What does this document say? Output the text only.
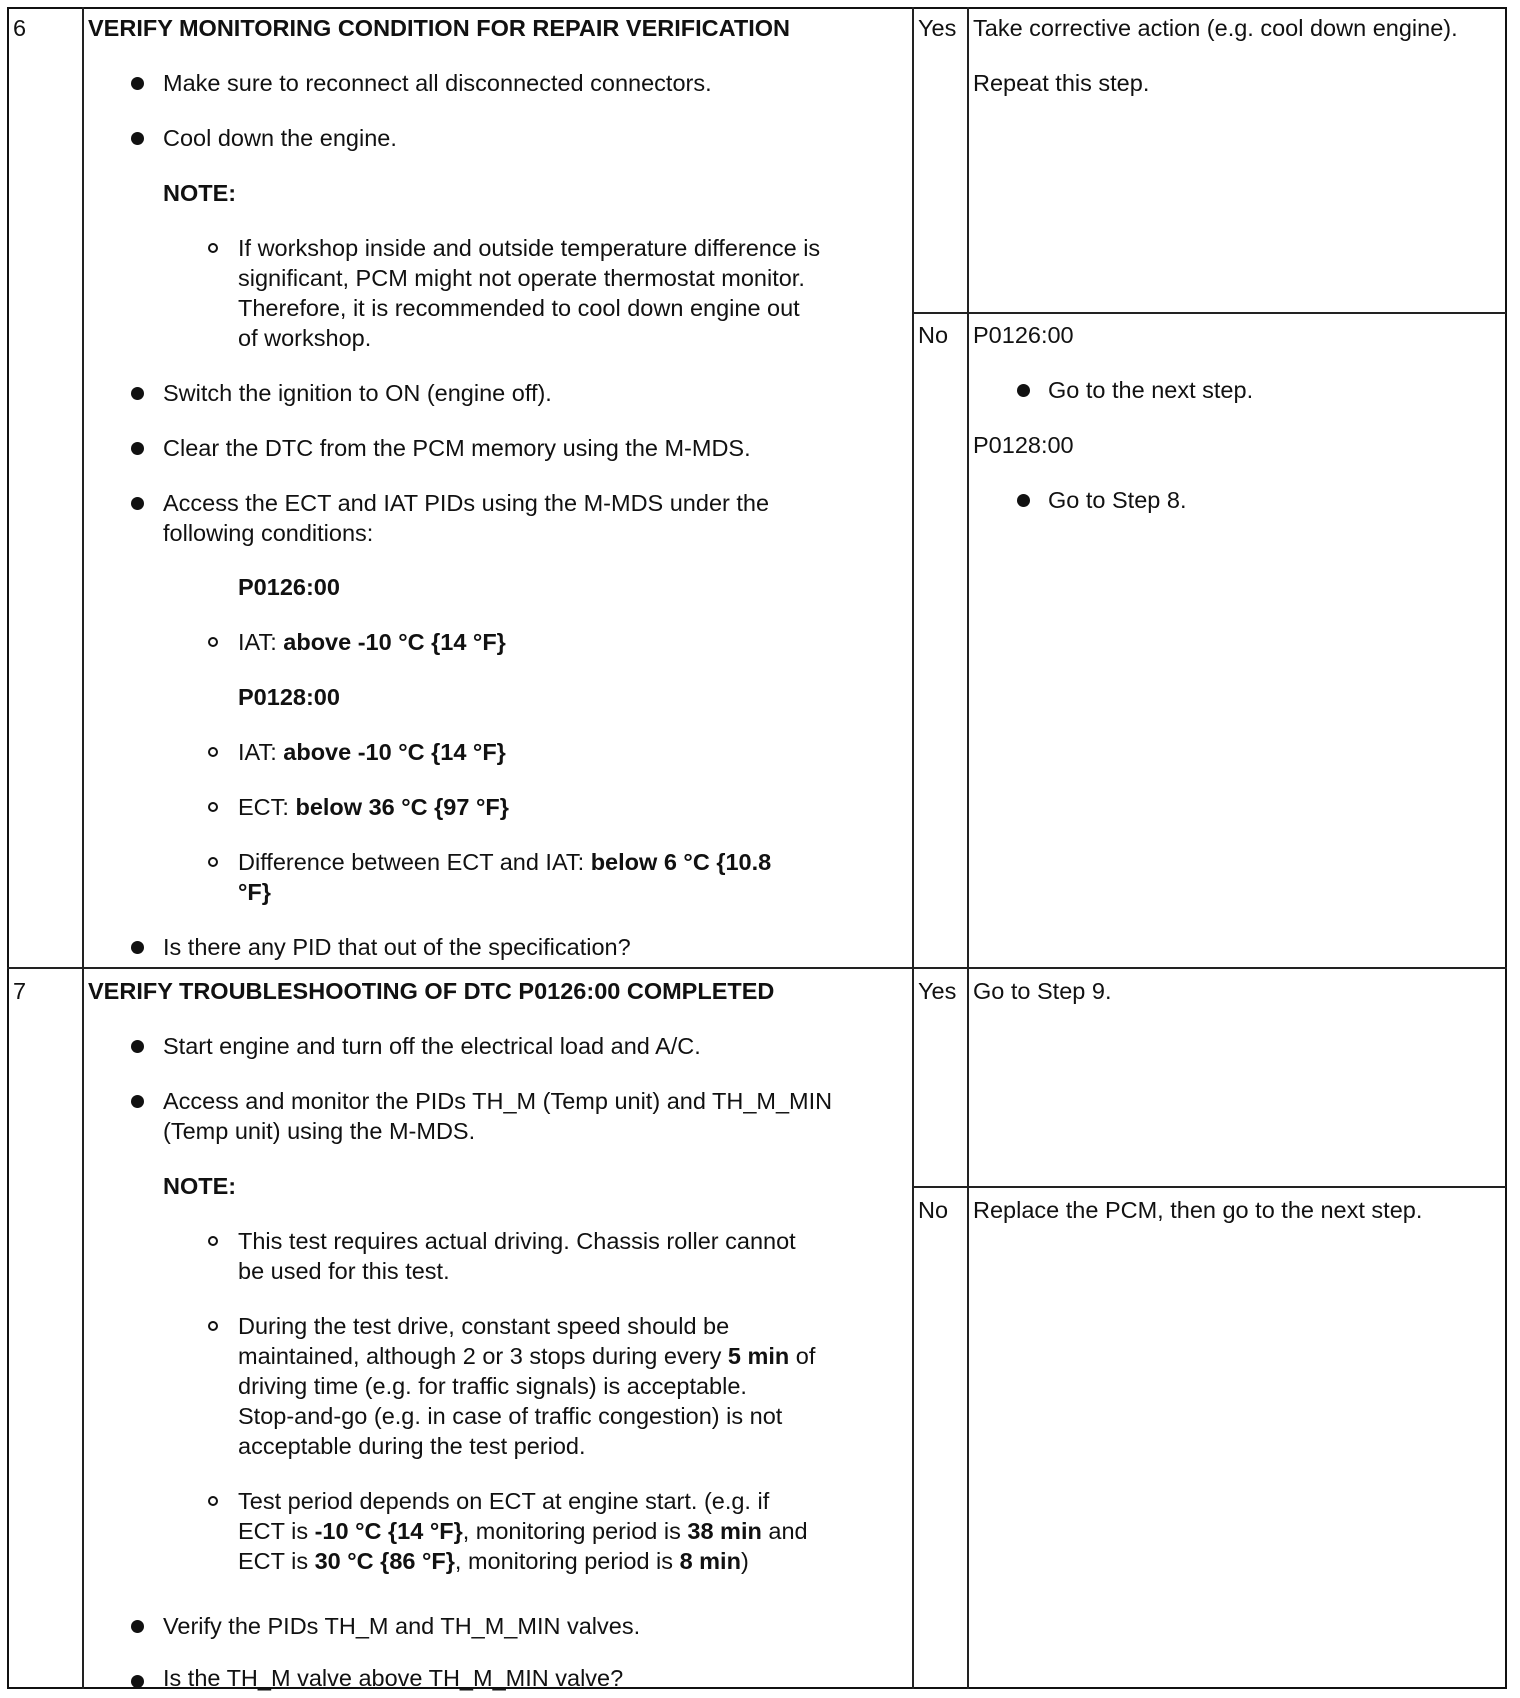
6	VERIFY MONITORING CONDITION FOR REPAIR VERIFICATION
Make sure to reconnect all disconnected connectors.
Cool down the engine.
NOTE:
If workshop inside and outside temperature difference is
significant, PCM might not operate thermostat monitor.
Therefore, it is recommended to cool down engine out
of workshop.
Switch the ignition to ON (engine off).
Clear the DTC from the PCM memory using the M-MDS.
Access the ECT and IAT PIDs using the M-MDS under the
following conditions:
P0126:00
IAT: above -10 °C {14 °F}
P0128:00
IAT: above -10 °C {14 °F}
ECT: below 36 °C {97 °F}
Difference between ECT and IAT: below 6 °C {10.8
°F}
Is there any PID that out of the specification?
Yes Take corrective action (e.g. cool down engine).
Repeat this step.
No P0126:00
Go to the next step.
P0128:00
Go to Step 8.
7	VERIFY TROUBLESHOOTING OF DTC P0126:00 COMPLETED
Start engine and turn off the electrical load and A/C.
Access and monitor the PIDs TH_M (Temp unit) and TH_M_MIN
(Temp unit) using the M-MDS.
NOTE:
This test requires actual driving. Chassis roller cannot
be used for this test.
During the test drive, constant speed should be
maintained, although 2 or 3 stops during every 5 min of
driving time (e.g. for traffic signals) is acceptable.
Stop-and-go (e.g. in case of traffic congestion) is not
acceptable during the test period.
Test period depends on ECT at engine start. (e.g. if
ECT is -10 °C {14 °F}, monitoring period is 38 min and
ECT is 30 °C {86 °F}, monitoring period is 8 min)
Verify the PIDs TH_M and TH_M_MIN valves.
Is the TH_M valve above TH_M_MIN valve?
Yes Go to Step 9.
No Replace the PCM, then go to the next step.
